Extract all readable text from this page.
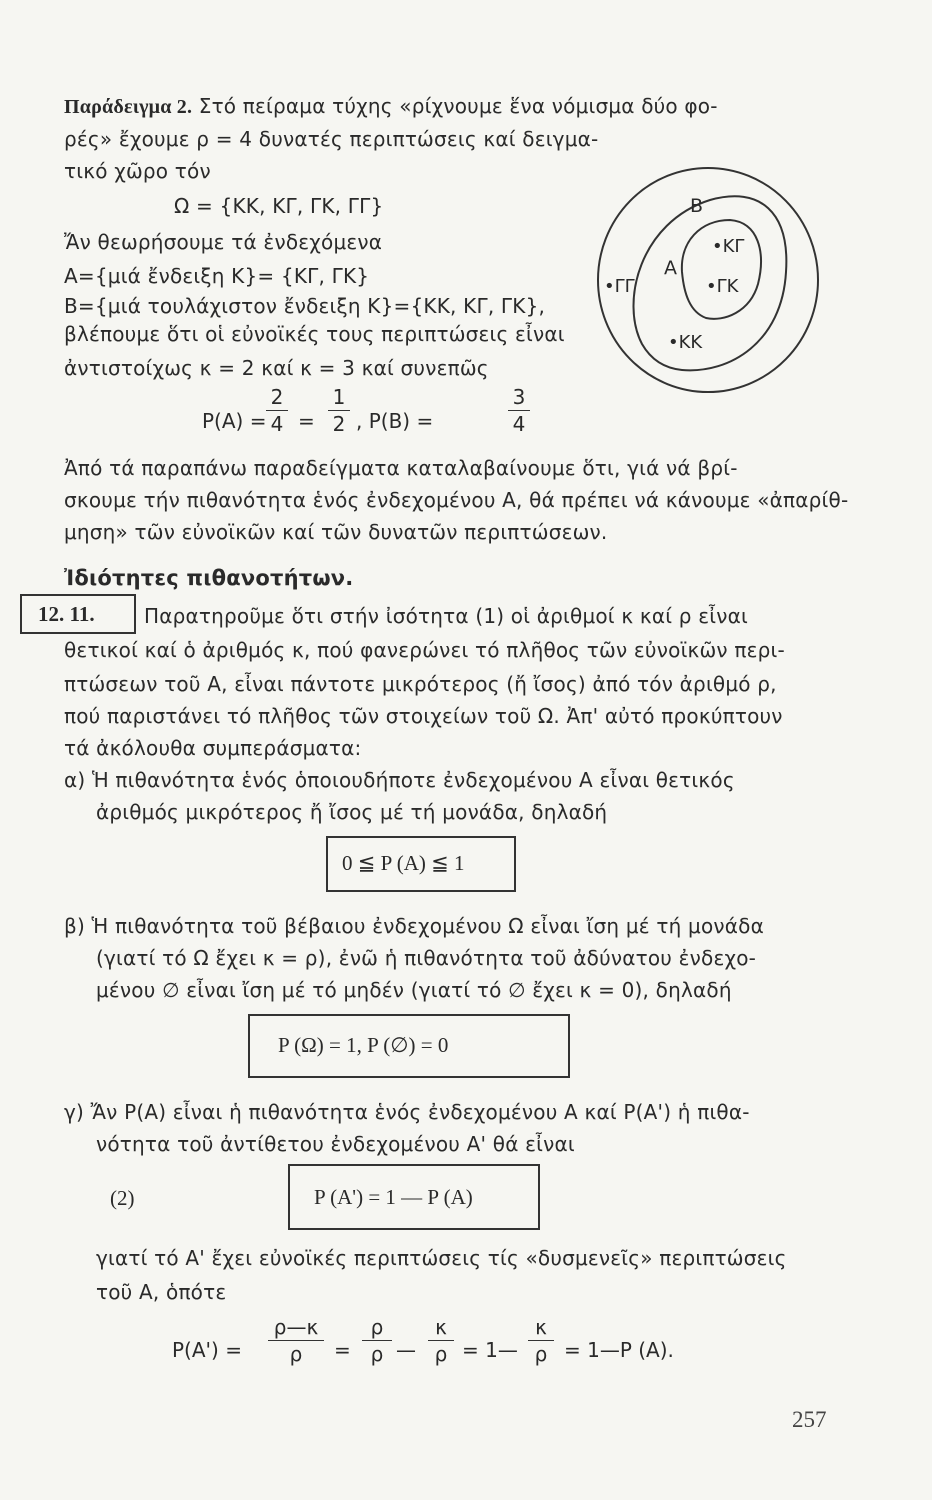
Παράδειγμα 2. Στό πείραμα τύχης «ρίχνουμε ἕνα νόμισμα δύο φο-
ρές» ἔχουμε ρ = 4 δυνατές περιπτώσεις καί δειγμα-
τικό χῶρο τόν
Ω = {ΚΚ, ΚΓ, ΓΚ, ΓΓ}
Ἄν θεωρήσουμε τά ἐνδεχόμενα
Α={μιά ἔνδειξη Κ}= {ΚΓ, ΓΚ}
Β={μιά τουλάχιστον ἔνδειξη Κ}={ΚΚ, ΚΓ, ΓΚ},
βλέπουμε ὅτι οἱ εὐνοϊκές τους περιπτώσεις εἶναι
ἀντιστοίχως κ = 2 καί κ = 3 καί συνεπῶς
P(A) =
2
4 =
1
2 , P(B) =
3
4
Β
Α
•ΚΓ
•ΓΚ
•ΓΓ
•ΚΚ
Ἀπό τά παραπάνω παραδείγματα καταλαβαίνουμε ὅτι, γιά νά βρί-
σκουμε τήν πιθανότητα ἑνός ἐνδεχομένου Α, θά πρέπει νά κάνουμε «ἀπαρίθ-
μηση» τῶν εὐνοϊκῶν καί τῶν δυνατῶν περιπτώσεων.
Ἰδιότητες πιθανοτήτων.
12. 11. Παρατηροῦμε ὅτι στήν ἰσότητα (1) οἱ ἀριθμοί κ καί ρ εἶναι
θετικοί καί ὁ ἀριθμός κ, πού φανερώνει τό πλῆθος τῶν εὐνοϊκῶν περι-
πτώσεων τοῦ Α, εἶναι πάντοτε μικρότερος (ἤ ἴσος) ἀπό τόν ἀριθμό ρ,
πού παριστάνει τό πλῆθος τῶν στοιχείων τοῦ Ω. Ἀπ' αὐτό προκύπτουν
τά ἀκόλουθα συμπεράσματα:
α) Ἡ πιθανότητα ἑνός ὁποιουδήποτε ἐνδεχομένου Α εἶναι θετικός
ἀριθμός μικρότερος ἤ ἴσος μέ τή μονάδα, δηλαδή
0 ≦ P (A) ≦ 1
β) Ἡ πιθανότητα τοῦ βέβαιου ἐνδεχομένου Ω εἶναι ἴση μέ τή μονάδα
(γιατί τό Ω ἔχει κ = ρ), ἐνῶ ἡ πιθανότητα τοῦ ἀδύνατου ἐνδεχο-
μένου ∅ εἶναι ἴση μέ τό μηδέν (γιατί τό ∅ ἔχει κ = 0), δηλαδή
P (Ω) = 1, P (∅) = 0
γ) Ἄν P(A) εἶναι ἡ πιθανότητα ἑνός ἐνδεχομένου Α καί P(A') ἡ πιθα-
νότητα τοῦ ἀντίθετου ἐνδεχομένου Α' θά εἶναι
(2)	P (A') = 1 — P (A)
γιατί τό Α' ἔχει εὐνοϊκές περιπτώσεις τίς «δυσμενεῖς» περιπτώσεις
τοῦ Α, ὁπότε
P(A') =
ρ—κ
ρ	=
ρ
ρ —
κ
ρ = 1—
κ
ρ = 1—P (A).
257
